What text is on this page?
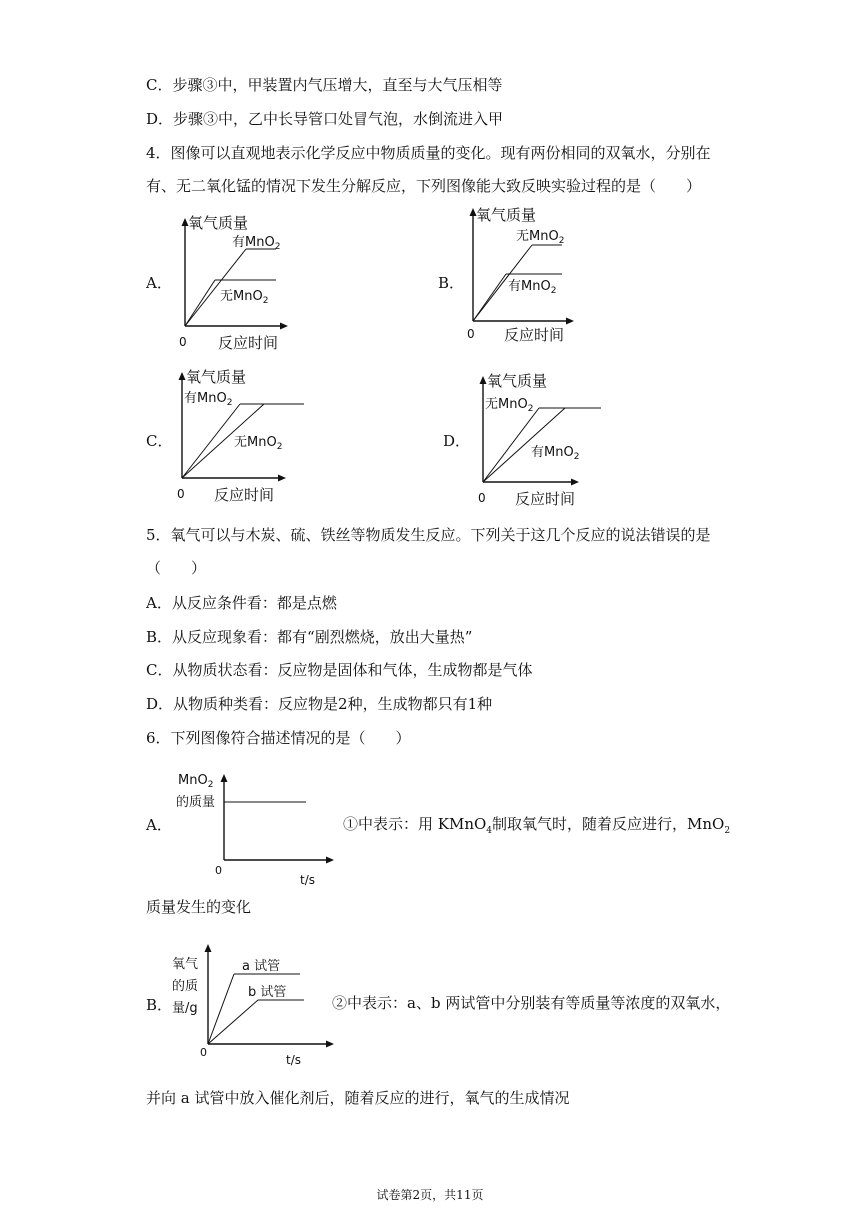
C．步骤③中，甲装置内气压增大，直至与大气压相等
D．步骤③中，乙中长导管口处冒气泡，水倒流进入甲
4．图像可以直观地表示化学反应中物质质量的变化。现有两份相同的双氧水，分别在
有、无二氧化锰的情况下发生分解反应，下列图像能大致反映实验过程的是（　　）
A．
氧气质量
有MnO$_2$
无MnO$_2$
0 反应时间
B．
氧气质量
无MnO$_2$
有MnO$_2$
0 反应时间
C．
氧气质量
有MnO$_2$
无MnO$_2$
0 反应时间
D．
氧气质量
无MnO$_2$
有MnO$_2$
0 反应时间
5．氧气可以与木炭、硫、铁丝等物质发生反应。下列关于这几个反应的说法错误的是
（　　）
A．从反应条件看：都是点燃
B．从反应现象看：都有“剧烈燃烧，放出大量热”
C．从物质状态看：反应物是固体和气体，生成物都是气体
D．从物质种类看：反应物是2种，生成物都只有1种
6．下列图像符合描述情况的是（　　）
A．
MnO$_2$
的质量
0
t/s
①中表示：用 KMnO$_4$制取氧气时，随着反应进行，MnO$_2$
质量发生的变化
B．
氧气
的质
量/g
a 试管
b 试管
0
t/s
②中表示：a、b 两试管中分别装有等质量等浓度的双氧水，
并向 a 试管中放入催化剂后，随着反应的进行，氧气的生成情况
试卷第2页，共11页
